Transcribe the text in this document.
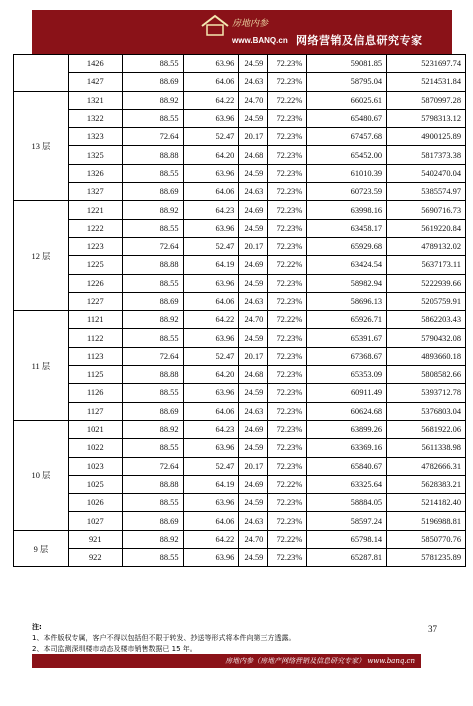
房地内参
www.BANQ.cn 网络营销及信息研究专家
	1426	88.55	63.96	24.59	72.23%	59081.85	5231697.74
	1427	88.69	64.06	24.63	72.23%	58795.04	5214531.84
13 层	1321	88.92	64.22	24.70	72.22%	66025.61	5870997.28
	1322	88.55	63.96	24.59	72.23%	65480.67	5798313.12
	1323	72.64	52.47	20.17	72.23%	67457.68	4900125.89
	1325	88.88	64.20	24.68	72.23%	65452.00	5817373.38
	1326	88.55	63.96	24.59	72.23%	61010.39	5402470.04
	1327	88.69	64.06	24.63	72.23%	60723.59	5385574.97
12 层	1221	88.92	64.23	24.69	72.23%	63998.16	5690716.73
	1222	88.55	63.96	24.59	72.23%	63458.17	5619220.84
	1223	72.64	52.47	20.17	72.23%	65929.68	4789132.02
	1225	88.88	64.19	24.69	72.22%	63424.54	5637173.11
	1226	88.55	63.96	24.59	72.23%	58982.94	5222939.66
	1227	88.69	64.06	24.63	72.23%	58696.13	5205759.91
11 层	1121	88.92	64.22	24.70	72.22%	65926.71	5862203.43
	1122	88.55	63.96	24.59	72.23%	65391.67	5790432.08
	1123	72.64	52.47	20.17	72.23%	67368.67	4893660.18
	1125	88.88	64.20	24.68	72.23%	65353.09	5808582.66
	1126	88.55	63.96	24.59	72.23%	60911.49	5393712.78
	1127	88.69	64.06	24.63	72.23%	60624.68	5376803.04
10 层	1021	88.92	64.23	24.69	72.23%	63899.26	5681922.06
	1022	88.55	63.96	24.59	72.23%	63369.16	5611338.98
	1023	72.64	52.47	20.17	72.23%	65840.67	4782666.31
	1025	88.88	64.19	24.69	72.22%	63325.64	5628383.21
	1026	88.55	63.96	24.59	72.23%	58884.05	5214182.40
	1027	88.69	64.06	24.63	72.23%	58597.24	5196988.81
9 层	921	88.92	64.22	24.70	72.22%	65798.14	5850770.76
	922	88.55	63.96	24.59	72.23%	65287.81	5781235.89
注:
1、本件版权专属，客户不得以包括但不限于转发、抄送等形式将本件向第三方透露。
2、本司监测深圳楼市动态及楼市销售数据已 15 年。
37
房地内参（房地产网络营销及信息研究专家） www.banq.cn
